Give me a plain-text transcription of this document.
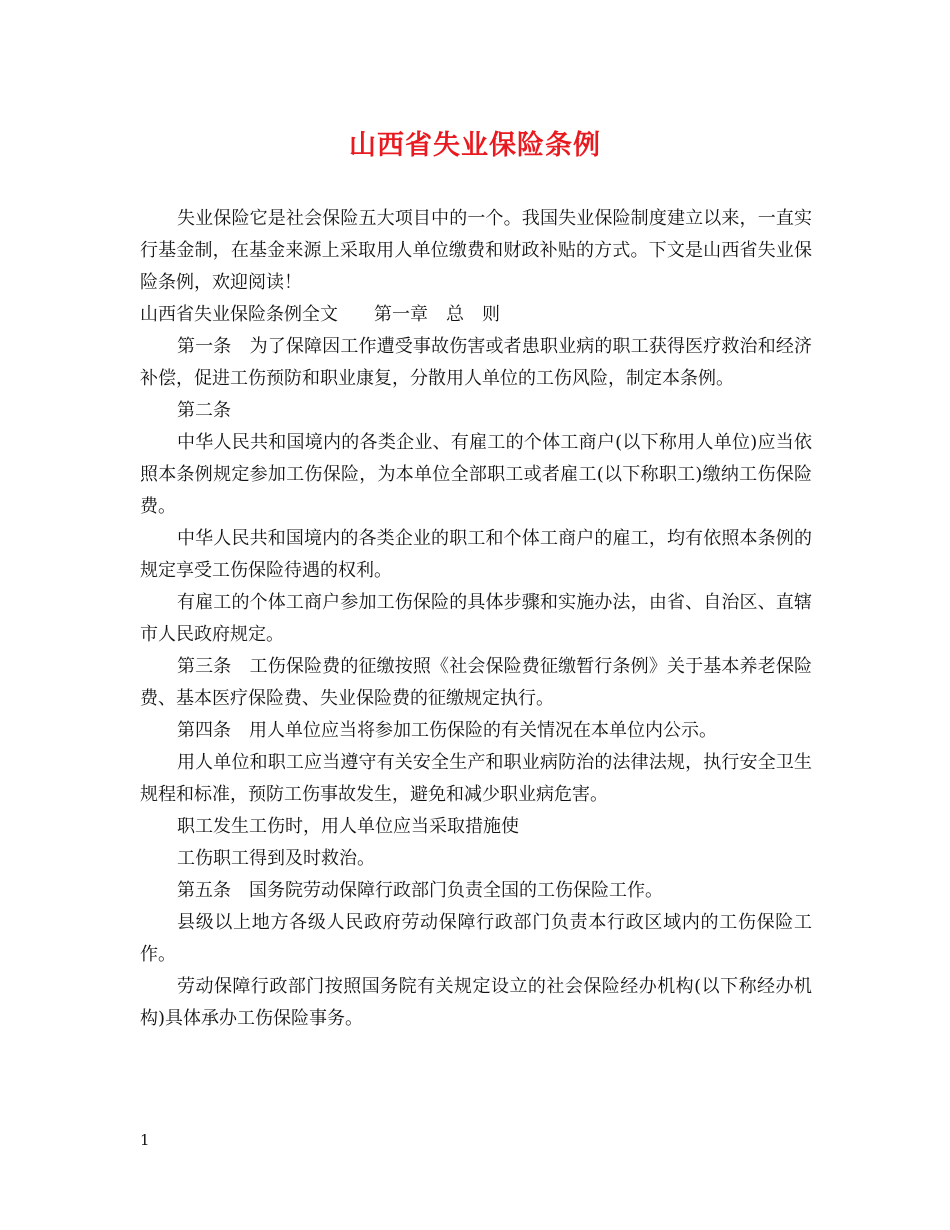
山西省失业保险条例

失业保险它是社会保险五大项目中的一个。我国失业保险制度建立以来，一直实行基金制，在基金来源上采取用人单位缴费和财政补贴的方式。下文是山西省失业保险条例，欢迎阅读！

山西省失业保险条例全文　　第一章　总　则

第一条　为了保障因工作遭受事故伤害或者患职业病的职工获得医疗救治和经济补偿，促进工伤预防和职业康复，分散用人单位的工伤风险，制定本条例。

第二条

中华人民共和国境内的各类企业、有雇工的个体工商户(以下称用人单位)应当依照本条例规定参加工伤保险，为本单位全部职工或者雇工(以下称职工)缴纳工伤保险费。

中华人民共和国境内的各类企业的职工和个体工商户的雇工，均有依照本条例的规定享受工伤保险待遇的权利。

有雇工的个体工商户参加工伤保险的具体步骤和实施办法，由省、自治区、直辖市人民政府规定。

第三条　工伤保险费的征缴按照《社会保险费征缴暂行条例》关于基本养老保险费、基本医疗保险费、失业保险费的征缴规定执行。

第四条　用人单位应当将参加工伤保险的有关情况在本单位内公示。

用人单位和职工应当遵守有关安全生产和职业病防治的法律法规，执行安全卫生规程和标准，预防工伤事故发生，避免和减少职业病危害。

职工发生工伤时，用人单位应当采取措施使

工伤职工得到及时救治。

第五条　国务院劳动保障行政部门负责全国的工伤保险工作。

县级以上地方各级人民政府劳动保障行政部门负责本行政区域内的工伤保险工作。

劳动保障行政部门按照国务院有关规定设立的社会保险经办机构(以下称经办机构)具体承办工伤保险事务。

1
